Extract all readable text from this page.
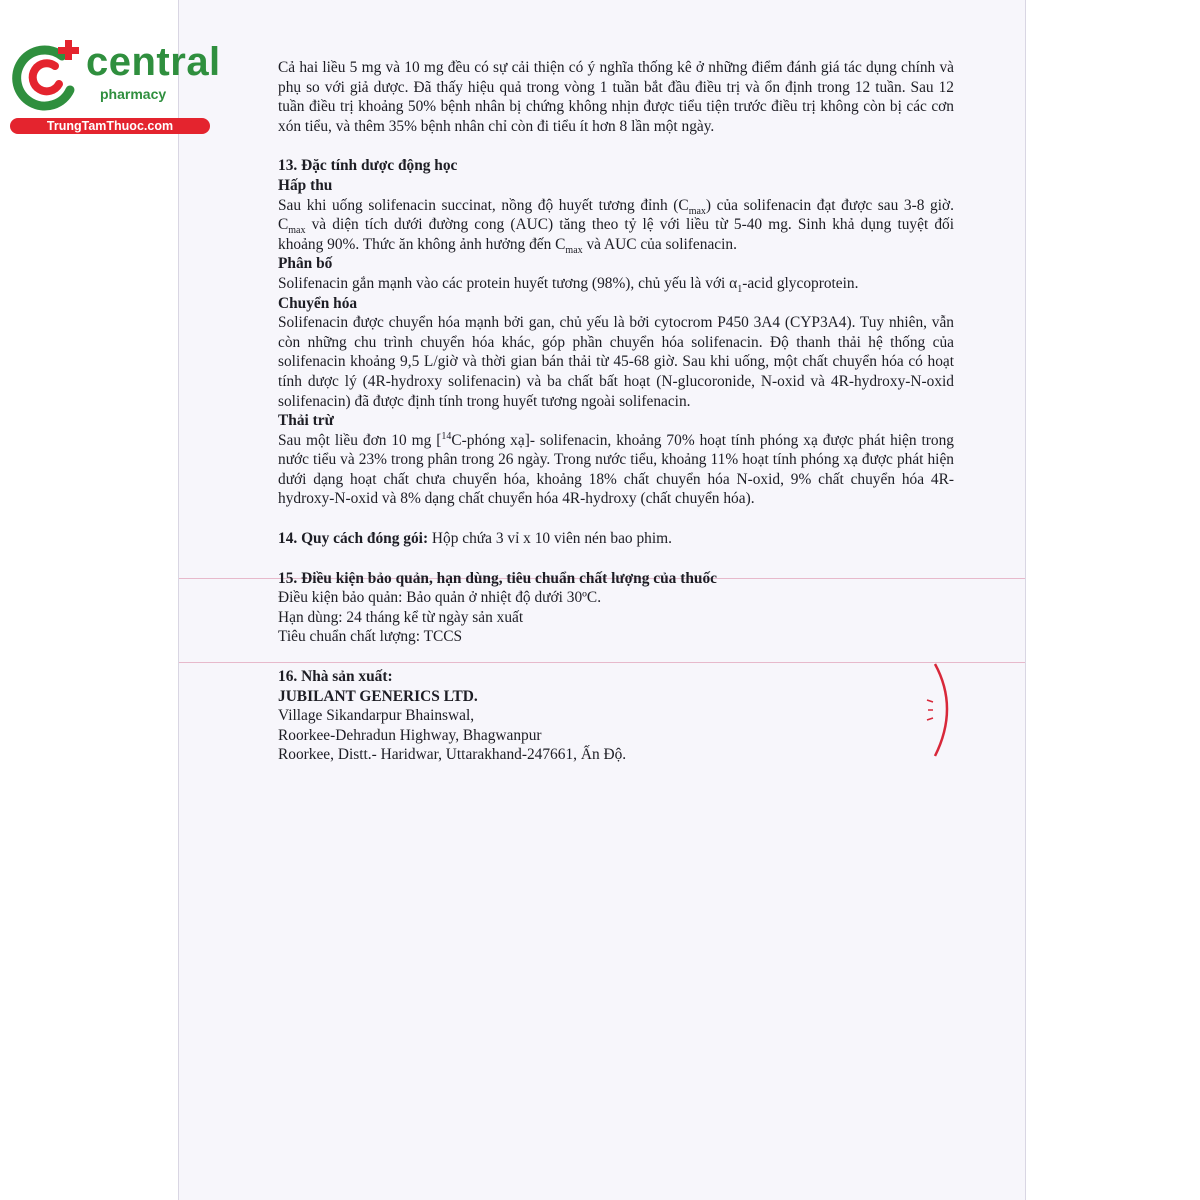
central
pharmacy
TrungTamThuoc.com

Cả hai liều 5 mg và 10 mg đều có sự cải thiện có ý nghĩa thống kê ở những điểm đánh giá tác dụng chính và phụ so với giả dược. Đã thấy hiệu quả trong vòng 1 tuần bắt đầu điều trị và ổn định trong 12 tuần. Sau 12 tuần điều trị khoảng 50% bệnh nhân bị chứng không nhịn được tiểu tiện trước điều trị không còn bị các cơn xón tiểu, và thêm 35% bệnh nhân chỉ còn đi tiểu ít hơn 8 lần một ngày.

13. Đặc tính dược động học

Hấp thu

Sau khi uống solifenacin succinat, nồng độ huyết tương đỉnh $(C_{max})$ của solifenacin đạt được sau 3-8 giờ. $C_{max}$ và diện tích dưới đường cong (AUC) tăng theo tỷ lệ với liều từ 5-40 mg. Sinh khả dụng tuyệt đối khoảng 90%. Thức ăn không ảnh hưởng đến $C_{max}$ và AUC của solifenacin.

Phân bố

Solifenacin gắn mạnh vào các protein huyết tương (98%), chủ yếu là với $\alpha_1$-acid glycoprotein.

Chuyển hóa

Solifenacin được chuyển hóa mạnh bởi gan, chủ yếu là bởi cytocrom P450 3A4 (CYP3A4). Tuy nhiên, vẫn còn những chu trình chuyển hóa khác, góp phần chuyển hóa solifenacin. Độ thanh thải hệ thống của solifenacin khoảng 9,5 L/giờ và thời gian bán thải từ 45-68 giờ. Sau khi uống, một chất chuyển hóa có hoạt tính dược lý (4R-hydroxy solifenacin) và ba chất bất hoạt (N-glucoronide, N-oxid và 4R-hydroxy-N-oxid solifenacin) đã được định tính trong huyết tương ngoài solifenacin.

Thải trừ

Sau một liều đơn 10 mg [$^{14}$C-phóng xạ]- solifenacin, khoảng 70% hoạt tính phóng xạ được phát hiện trong nước tiểu và 23% trong phân trong 26 ngày. Trong nước tiểu, khoảng 11% hoạt tính phóng xạ được phát hiện dưới dạng hoạt chất chưa chuyển hóa, khoảng 18% chất chuyển hóa N-oxid, 9% chất chuyển hóa 4R-hydroxy-N-oxid và 8% dạng chất chuyển hóa 4R-hydroxy (chất chuyển hóa).

14. Quy cách đóng gói: Hộp chứa 3 vỉ x 10 viên nén bao phim.

15. Điều kiện bảo quản, hạn dùng, tiêu chuẩn chất lượng của thuốc

Điều kiện bảo quản: Bảo quản ở nhiệt độ dưới 30ºC.

Hạn dùng: 24 tháng kể từ ngày sản xuất

Tiêu chuẩn chất lượng: TCCS

16. Nhà sản xuất:

JUBILANT GENERICS LTD.

Village Sikandarpur Bhainswal,

Roorkee-Dehradun Highway, Bhagwanpur

Roorkee, Distt.- Haridwar, Uttarakhand-247661, Ấn Độ.
